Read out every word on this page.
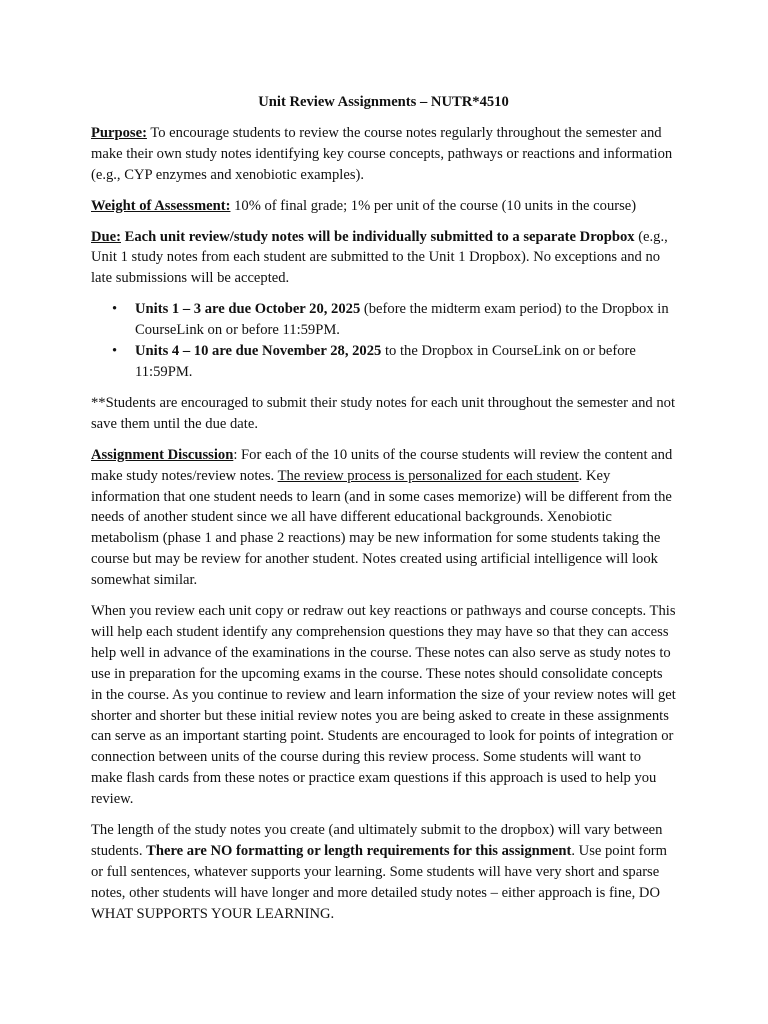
Unit Review Assignments – NUTR*4510

Purpose: To encourage students to review the course notes regularly throughout the semester and make their own study notes identifying key course concepts, pathways or reactions and information (e.g., CYP enzymes and xenobiotic examples).

Weight of Assessment: 10% of final grade; 1% per unit of the course (10 units in the course)

Due: Each unit review/study notes will be individually submitted to a separate Dropbox (e.g., Unit 1 study notes from each student are submitted to the Unit 1 Dropbox). No exceptions and no late submissions will be accepted.

• Units 1 – 3 are due October 20, 2025 (before the midterm exam period) to the Dropbox in CourseLink on or before 11:59PM.
• Units 4 – 10 are due November 28, 2025 to the Dropbox in CourseLink on or before 11:59PM.

**Students are encouraged to submit their study notes for each unit throughout the semester and not save them until the due date.

Assignment Discussion: For each of the 10 units of the course students will review the content and make study notes/review notes. The review process is personalized for each student. Key information that one student needs to learn (and in some cases memorize) will be different from the needs of another student since we all have different educational backgrounds. Xenobiotic metabolism (phase 1 and phase 2 reactions) may be new information for some students taking the course but may be review for another student. Notes created using artificial intelligence will look somewhat similar.

When you review each unit copy or redraw out key reactions or pathways and course concepts. This will help each student identify any comprehension questions they may have so that they can access help well in advance of the examinations in the course. These notes can also serve as study notes to use in preparation for the upcoming exams in the course. These notes should consolidate concepts in the course. As you continue to review and learn information the size of your review notes will get shorter and shorter but these initial review notes you are being asked to create in these assignments can serve as an important starting point. Students are encouraged to look for points of integration or connection between units of the course during this review process. Some students will want to make flash cards from these notes or practice exam questions if this approach is used to help you review.

The length of the study notes you create (and ultimately submit to the dropbox) will vary between students. There are NO formatting or length requirements for this assignment. Use point form or full sentences, whatever supports your learning. Some students will have very short and sparse notes, other students will have longer and more detailed study notes – either approach is fine, DO WHAT SUPPORTS YOUR LEARNING.
